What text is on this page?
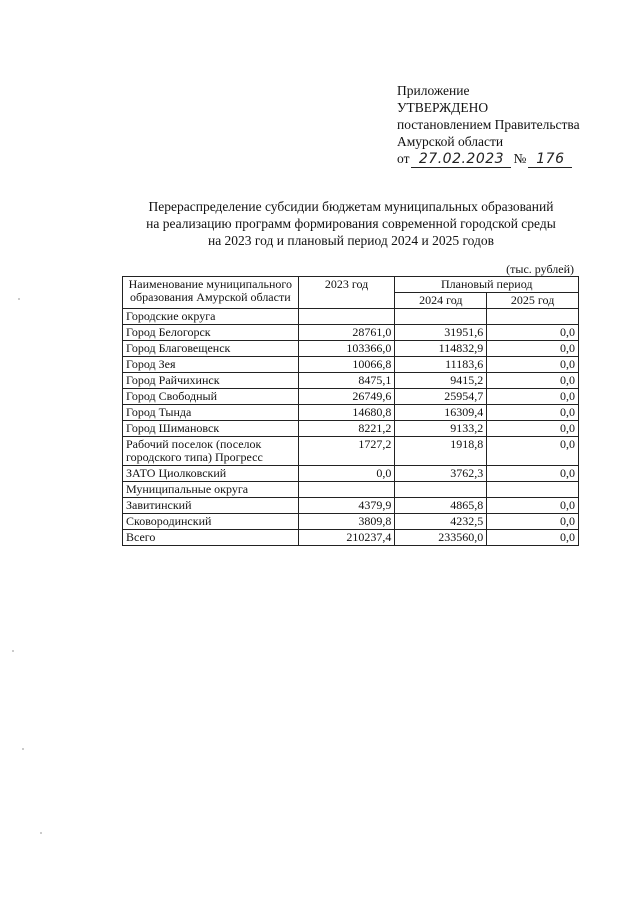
Приложение
УТВЕРЖДЕНО
постановлением Правительства
Амурской области
от 27.02.2023 № 176
Перераспределение субсидии бюджетам муниципальных образований
на реализацию программ формирования современной городской среды
на 2023 год и плановый период 2024 и 2025 годов
(тыс. рублей)
Наименование муниципального образования Амурской области	2023 год	Плановый период	
		2024 год	2025 год
Городские округа			
Город Белогорск	28761,0	31951,6	0,0
Город Благовещенск	103366,0	114832,9	0,0
Город Зея	10066,8	11183,6	0,0
Город Райчихинск	8475,1	9415,2	0,0
Город Свободный	26749,6	25954,7	0,0
Город Тында	14680,8	16309,4	0,0
Город Шимановск	8221,2	9133,2	0,0
Рабочий поселок (поселок городского типа) Прогресс	1727,2	1918,8	0,0
ЗАТО Циолковский	0,0	3762,3	0,0
Муниципальные округа			
Завитинский	4379,9	4865,8	0,0
Сковородинский	3809,8	4232,5	0,0
Всего	210237,4	233560,0	0,0
